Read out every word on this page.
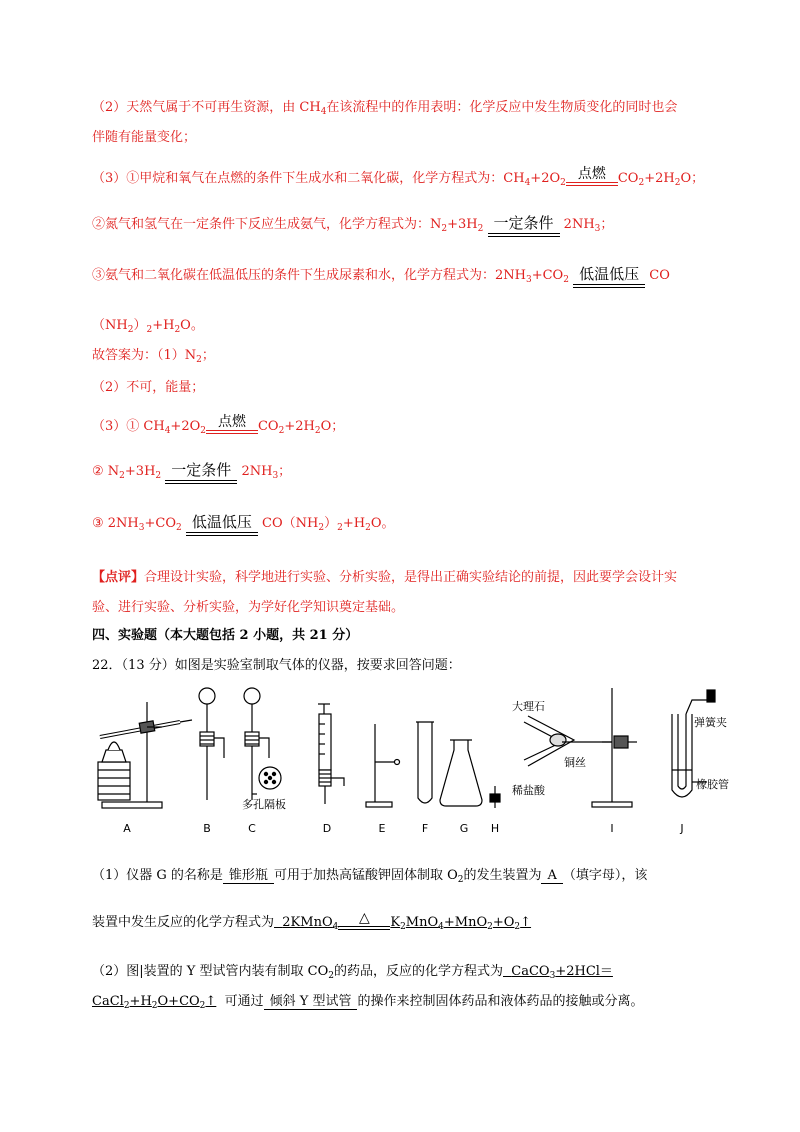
（2）天然气属于不可再生资源，由 $CH_4$在该流程中的作用表明：化学反应中发生物质变化的同时也会
伴随有能量变化；
（3）①甲烷和氧气在点燃的条件下生成水和二氧化碳，化学方程式为：$CH_4+2O_2$
点燃 $CO_2+2H_2O$；
②氮气和氢气在一定条件下反应生成氨气，化学方程式为：$N_2+3H_2$ 一定条件 $2NH_3$；
③氨气和二氧化碳在低温低压的条件下生成尿素和水，化学方程式为：$2NH_3+CO_2$ 低温低压 CO
$(NH_2)_2+H_2O$。
故答案为：$(1)N_2$；
（2）不可，能量；
（3）① $CH_4+2O_2$
点燃 $CO_2+2H_2O$；
② $N_2+3H_2$ 一定条件 $2NH_3$；
③ $2NH_3+CO_2$ 低温低压 $CO(NH_2)_2+H_2O$。
【点评】合理设计实验，科学地进行实验、分析实验，是得出正确实验结论的前提，因此要学会设计实
验、进行实验、分析实验，为学好化学知识奠定基础。
四、实验题（本大题包括 2 小题，共 21 分）
22．（13 分）如图是实验室制取气体的仪器，按要求回答问题：
A	B	C	D	E	F	G H	I	J
多孔隔板
大理石
铜丝
稀盐酸
弹簧夹
橡胶管
（1）仪器 G 的名称是 锥形瓶 可用于加热高锰酸钾固体制取 $O_2$的发生装置为 A （填字母），该
装置中发生反应的化学方程式为 2KMnO$_4$
△	$K_2MnO_4+MnO_2+O_2↑$
（2）图|装置的 Y 型试管内装有制取 $CO_2$的药品，反应的化学方程式为 CaCO$_3$+2HCl＝
$CaCl_2+H_2O+CO_2↑$ 可通过 倾斜 Y 型试管 的操作来控制固体药品和液体药品的接触或分离。
